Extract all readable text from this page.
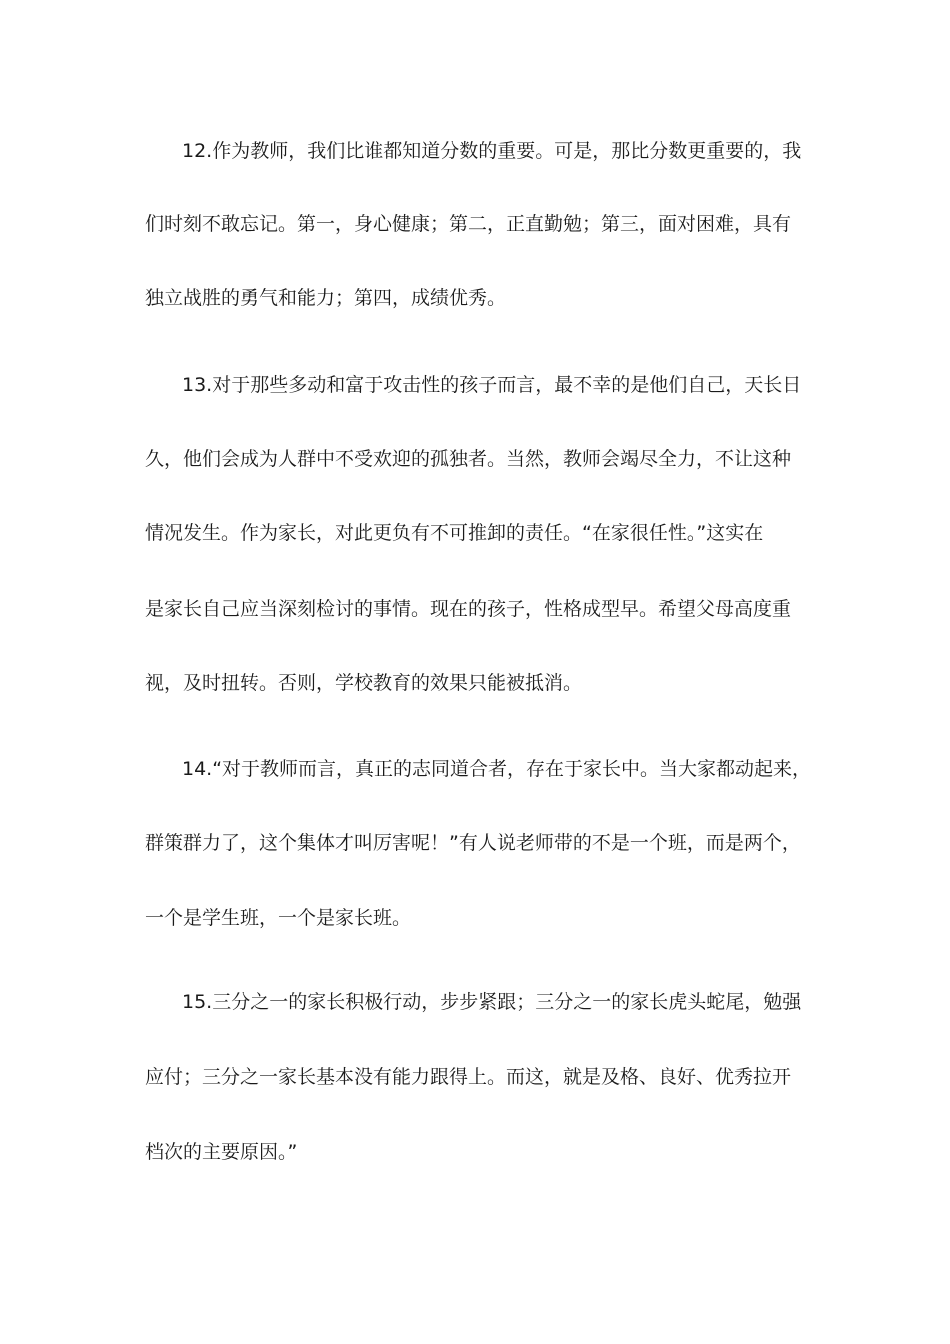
12.作为教师，我们比谁都知道分数的重要。可是，那比分数更重要的，我
们时刻不敢忘记。第一，身心健康；第二，正直勤勉；第三，面对困难，具有
独立战胜的勇气和能力；第四，成绩优秀。
13.对于那些多动和富于攻击性的孩子而言，最不幸的是他们自己，天长日
久，他们会成为人群中不受欢迎的孤独者。当然，教师会竭尽全力，不让这种
情况发生。作为家长，对此更负有不可推卸的责任。“在家很任性。”这实在
是家长自己应当深刻检讨的事情。现在的孩子，性格成型早。希望父母高度重
视，及时扭转。否则，学校教育的效果只能被抵消。
14.“对于教师而言，真正的志同道合者，存在于家长中。当大家都动起来，
群策群力了，这个集体才叫厉害呢！”有人说老师带的不是一个班，而是两个，
一个是学生班，一个是家长班。
15.三分之一的家长积极行动，步步紧跟；三分之一的家长虎头蛇尾，勉强
应付；三分之一家长基本没有能力跟得上。而这，就是及格、良好、优秀拉开
档次的主要原因。”
